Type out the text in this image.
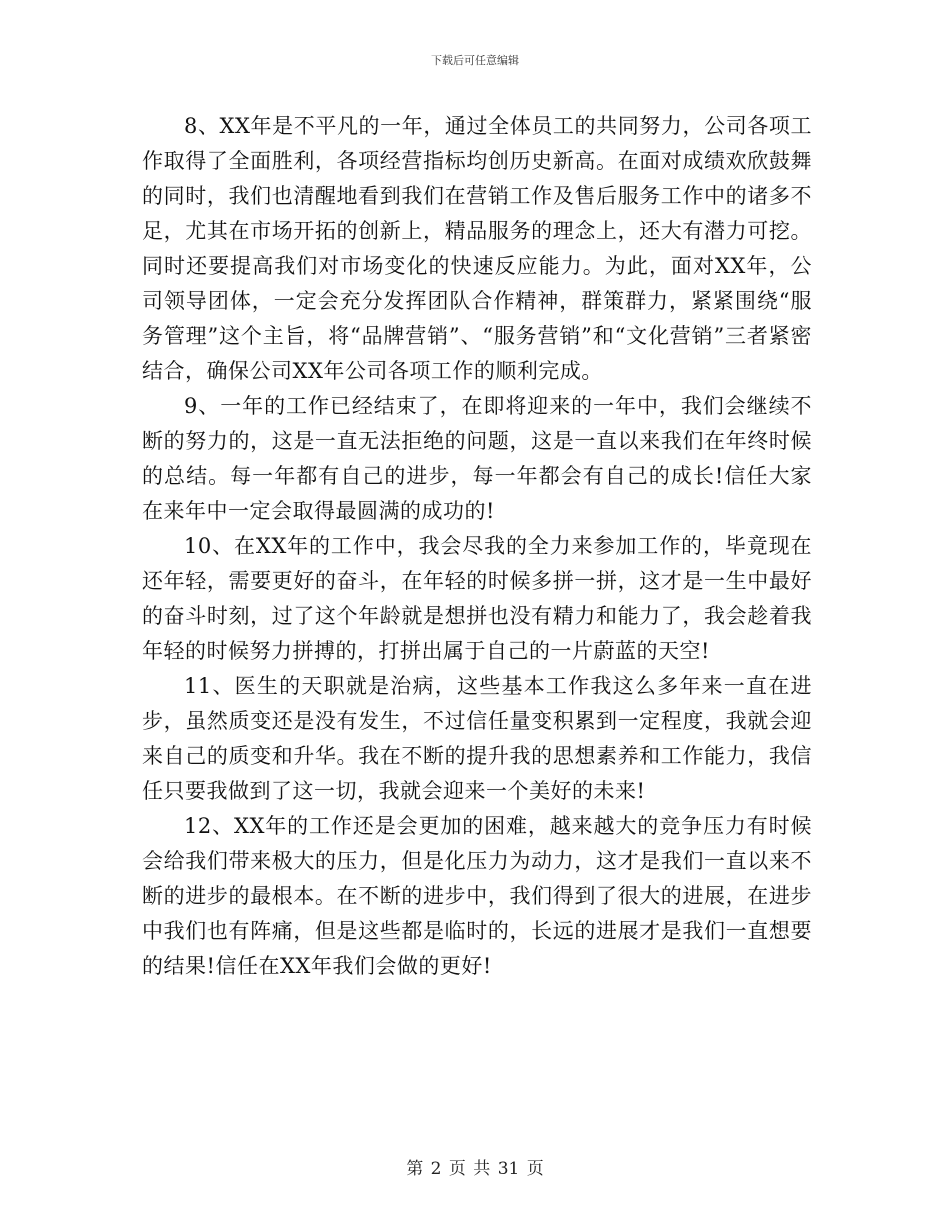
下载后可任意编辑

8、XX年是不平凡的一年，通过全体员工的共同努力，公司各项工作取得了全面胜利，各项经营指标均创历史新高。在面对成绩欢欣鼓舞的同时，我们也清醒地看到我们在营销工作及售后服务工作中的诸多不足，尤其在市场开拓的创新上，精品服务的理念上，还大有潜力可挖。同时还要提高我们对市场变化的快速反应能力。为此，面对XX年，公司领导团体，一定会充分发挥团队合作精神，群策群力，紧紧围绕“服务管理”这个主旨，将“品牌营销”、“服务营销”和“文化营销”三者紧密结合，确保公司XX年公司各项工作的顺利完成。

9、一年的工作已经结束了，在即将迎来的一年中，我们会继续不断的努力的，这是一直无法拒绝的问题，这是一直以来我们在年终时候的总结。每一年都有自己的进步，每一年都会有自己的成长!信任大家在来年中一定会取得最圆满的成功的!

10、在XX年的工作中，我会尽我的全力来参加工作的，毕竟现在还年轻，需要更好的奋斗，在年轻的时候多拼一拼，这才是一生中最好的奋斗时刻，过了这个年龄就是想拼也没有精力和能力了，我会趁着我年轻的时候努力拼搏的，打拼出属于自己的一片蔚蓝的天空!

11、医生的天职就是治病，这些基本工作我这么多年来一直在进步，虽然质变还是没有发生，不过信任量变积累到一定程度，我就会迎来自己的质变和升华。我在不断的提升我的思想素养和工作能力，我信任只要我做到了这一切，我就会迎来一个美好的未来!

12、XX年的工作还是会更加的困难，越来越大的竞争压力有时候会给我们带来极大的压力，但是化压力为动力，这才是我们一直以来不断的进步的最根本。在不断的进步中，我们得到了很大的进展，在进步中我们也有阵痛，但是这些都是临时的，长远的进展才是我们一直想要的结果!信任在XX年我们会做的更好!

第 2 页 共 31 页
